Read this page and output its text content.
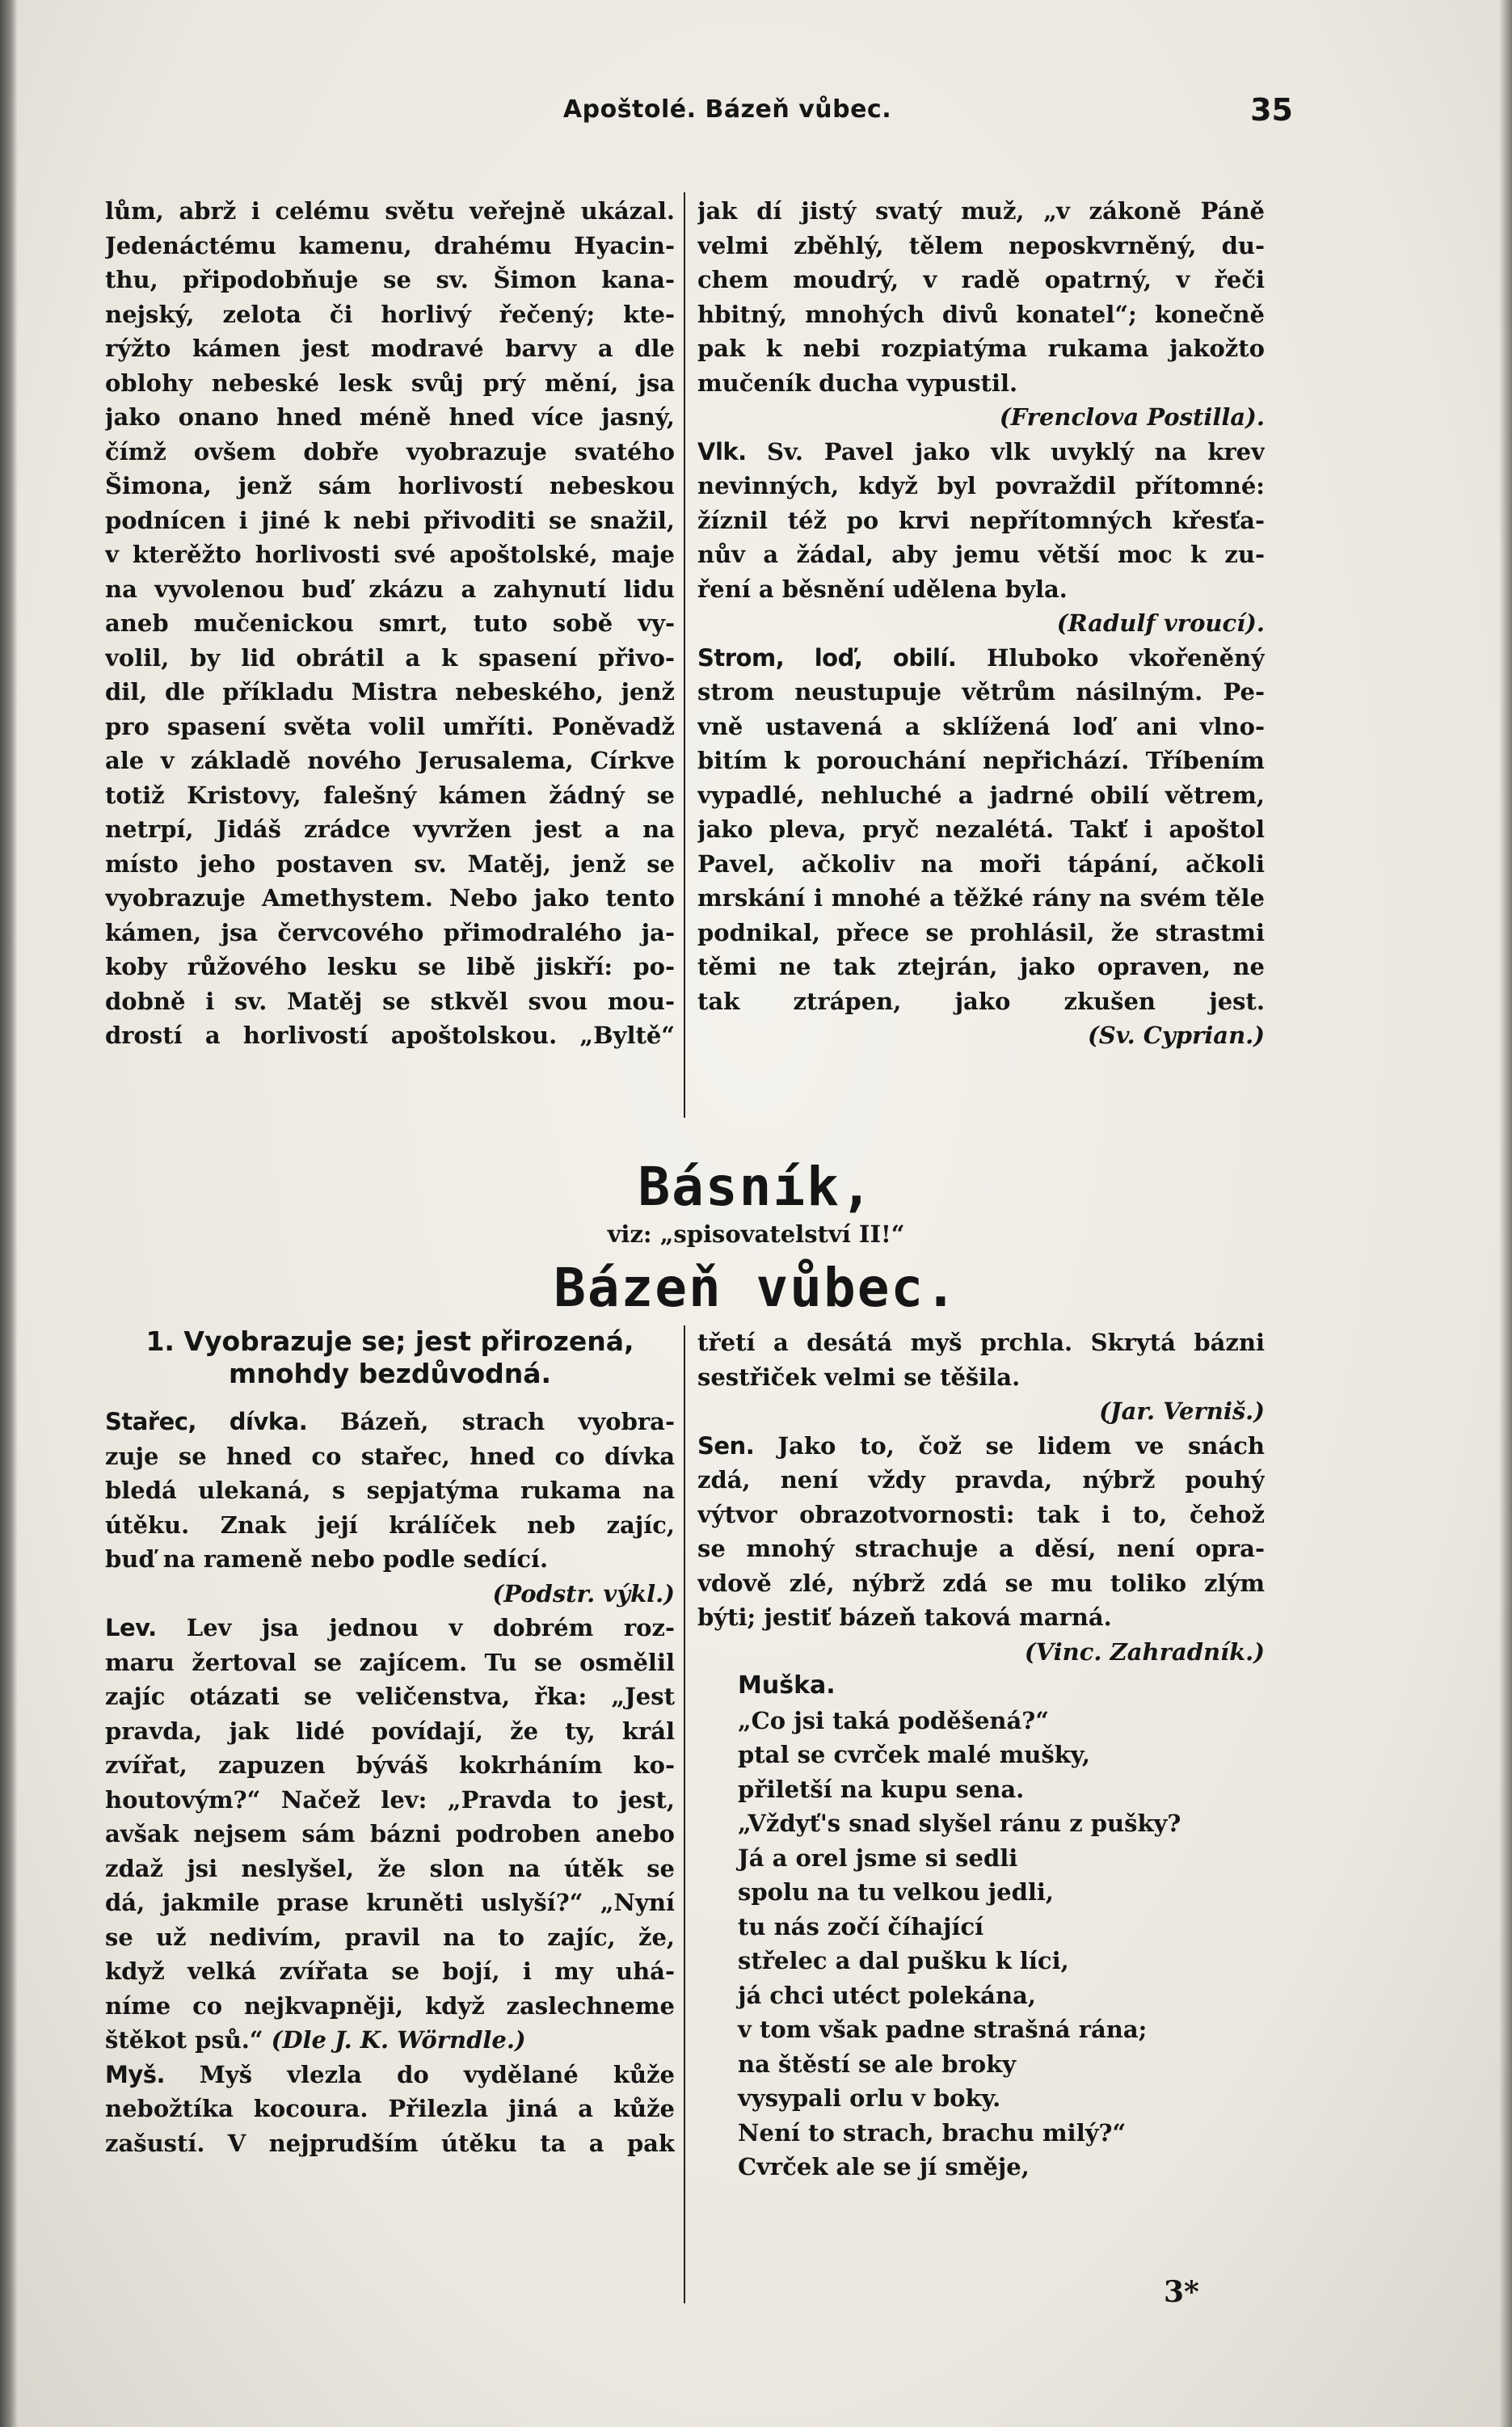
Apoštolé. Bázeň vůbec.	35
lům, abrž i celému světu veřejně ukázal.
Jedenáctému kamenu, drahému Hyacin-
thu, připodobňuje se sv. Šimon kana-
nejský, zelota či horlivý řečený; kte-
rýžto kámen jest modravé barvy a dle
oblohy nebeské lesk svůj prý mění, jsa
jako onano hned méně hned více jasný,
čímž ovšem dobře vyobrazuje svatého
Šimona, jenž sám horlivostí nebeskou
podnícen i jiné k nebi přivoditi se snažil,
v kterěžto horlivosti své apoštolské, maje
na vyvolenou buď zkázu a zahynutí lidu
aneb mučenickou smrt, tuto sobě vy-
volil, by lid obrátil a k spasení přivo-
dil, dle příkladu Mistra nebeského, jenž
pro spasení světa volil umříti. Poněvadž
ale v základě nového Jerusalema, Církve
totiž Kristovy, falešný kámen žádný se
netrpí, Jidáš zrádce vyvržen jest a na
místo jeho postaven sv. Matěj, jenž se
vyobrazuje Amethystem. Nebo jako tento
kámen, jsa červcového přimodralého ja-
koby růžového lesku se libě jiskří: po-
dobně i sv. Matěj se stkvěl svou mou-
drostí a horlivostí apoštolskou. „Byltě“
jak dí jistý svatý muž, „v zákoně Páně
velmi zběhlý, tělem neposkvrněný, du-
chem moudrý, v radě opatrný, v řeči
hbitný, mnohých divů konatel“; konečně
pak k nebi rozpiatýma rukama jakožto
mučeník ducha vypustil.
(Frenclova Postilla).
Vlk. Sv. Pavel jako vlk uvyklý na krev
nevinných, když byl povraždil přítomné:
žíznil též po krvi nepřítomných křesťa-
nův a žádal, aby jemu větší moc k zu-
ření a běsnění udělena byla.
(Radulf vroucí).
Strom, loď, obilí. Hluboko vkořeněný
strom neustupuje větrům násilným. Pe-
vně ustavená a sklížená loď ani vlno-
bitím k porouchání nepřichází. Tříbením
vypadlé, nehluché a jadrné obilí větrem,
jako pleva, pryč nezalétá. Takť i apoštol
Pavel, ačkoliv na moři tápání, ačkoli
mrskání i mnohé a těžké rány na svém těle
podnikal, přece se prohlásil, že strastmi
těmi ne tak ztejrán, jako opraven, ne
tak ztrápen, jako zkušen jest.
(Sv. Cyprian.)
Básník,
viz: „spisovatelství II!“
Bázeň vůbec.
1. Vyobrazuje se; jest přirozená,
mnohdy bezdůvodná.
Stařec, dívka. Bázeň, strach vyobra-
zuje se hned co stařec, hned co dívka
bledá ulekaná, s sepjatýma rukama na
útěku. Znak její králíček neb zajíc,
buď na rameně nebo podle sedící.
(Podstr. výkl.)
Lev. Lev jsa jednou v dobrém roz-
maru žertoval se zajícem. Tu se osmělil
zajíc otázati se veličenstva, řka: „Jest
pravda, jak lidé povídají, že ty, král
zvířat, zapuzen býváš kokrháním ko-
houtovým?“ Načež lev: „Pravda to jest,
avšak nejsem sám bázni podroben anebo
zdaž jsi neslyšel, že slon na útěk se
dá, jakmile prase kruněti uslyší?“ „Nyní
se už nedivím, pravil na to zajíc, že,
když velká zvířata se bojí, i my uhá-
níme co nejkvapněji, když zaslechneme
štěkot psů.“ (Dle J. K. Wörndle.)
Myš. Myš vlezla do vydělané kůže
nebožtíka kocoura. Přilezla jiná a kůže
zašustí. V nejprudším útěku ta a pak
třetí a desátá myš prchla. Skrytá bázni
sestřiček velmi se těšila.
(Jar. Verniš.)
Sen. Jako to, čož se lidem ve snách
zdá, není vždy pravda, nýbrž pouhý
výtvor obrazotvornosti: tak i to, čehož
se mnohý strachuje a děsí, není opra-
vdově zlé, nýbrž zdá se mu toliko zlým
býti; jestiť bázeň taková marná.
(Vinc. Zahradník.)
Muška.
„Co jsi taká poděšená?“
ptal se cvrček malé mušky,
přiletší na kupu sena.
„Vždyť's snad slyšel ránu z pušky?
Já a orel jsme si sedli
spolu na tu velkou jedli,
tu nás zočí číhající
střelec a dal pušku k líci,
já chci utéct polekána,
v tom však padne strašná rána;
na štěstí se ale broky
vysypali orlu v boky.
Není to strach, brachu milý?“
Cvrček ale se jí směje,
3*
